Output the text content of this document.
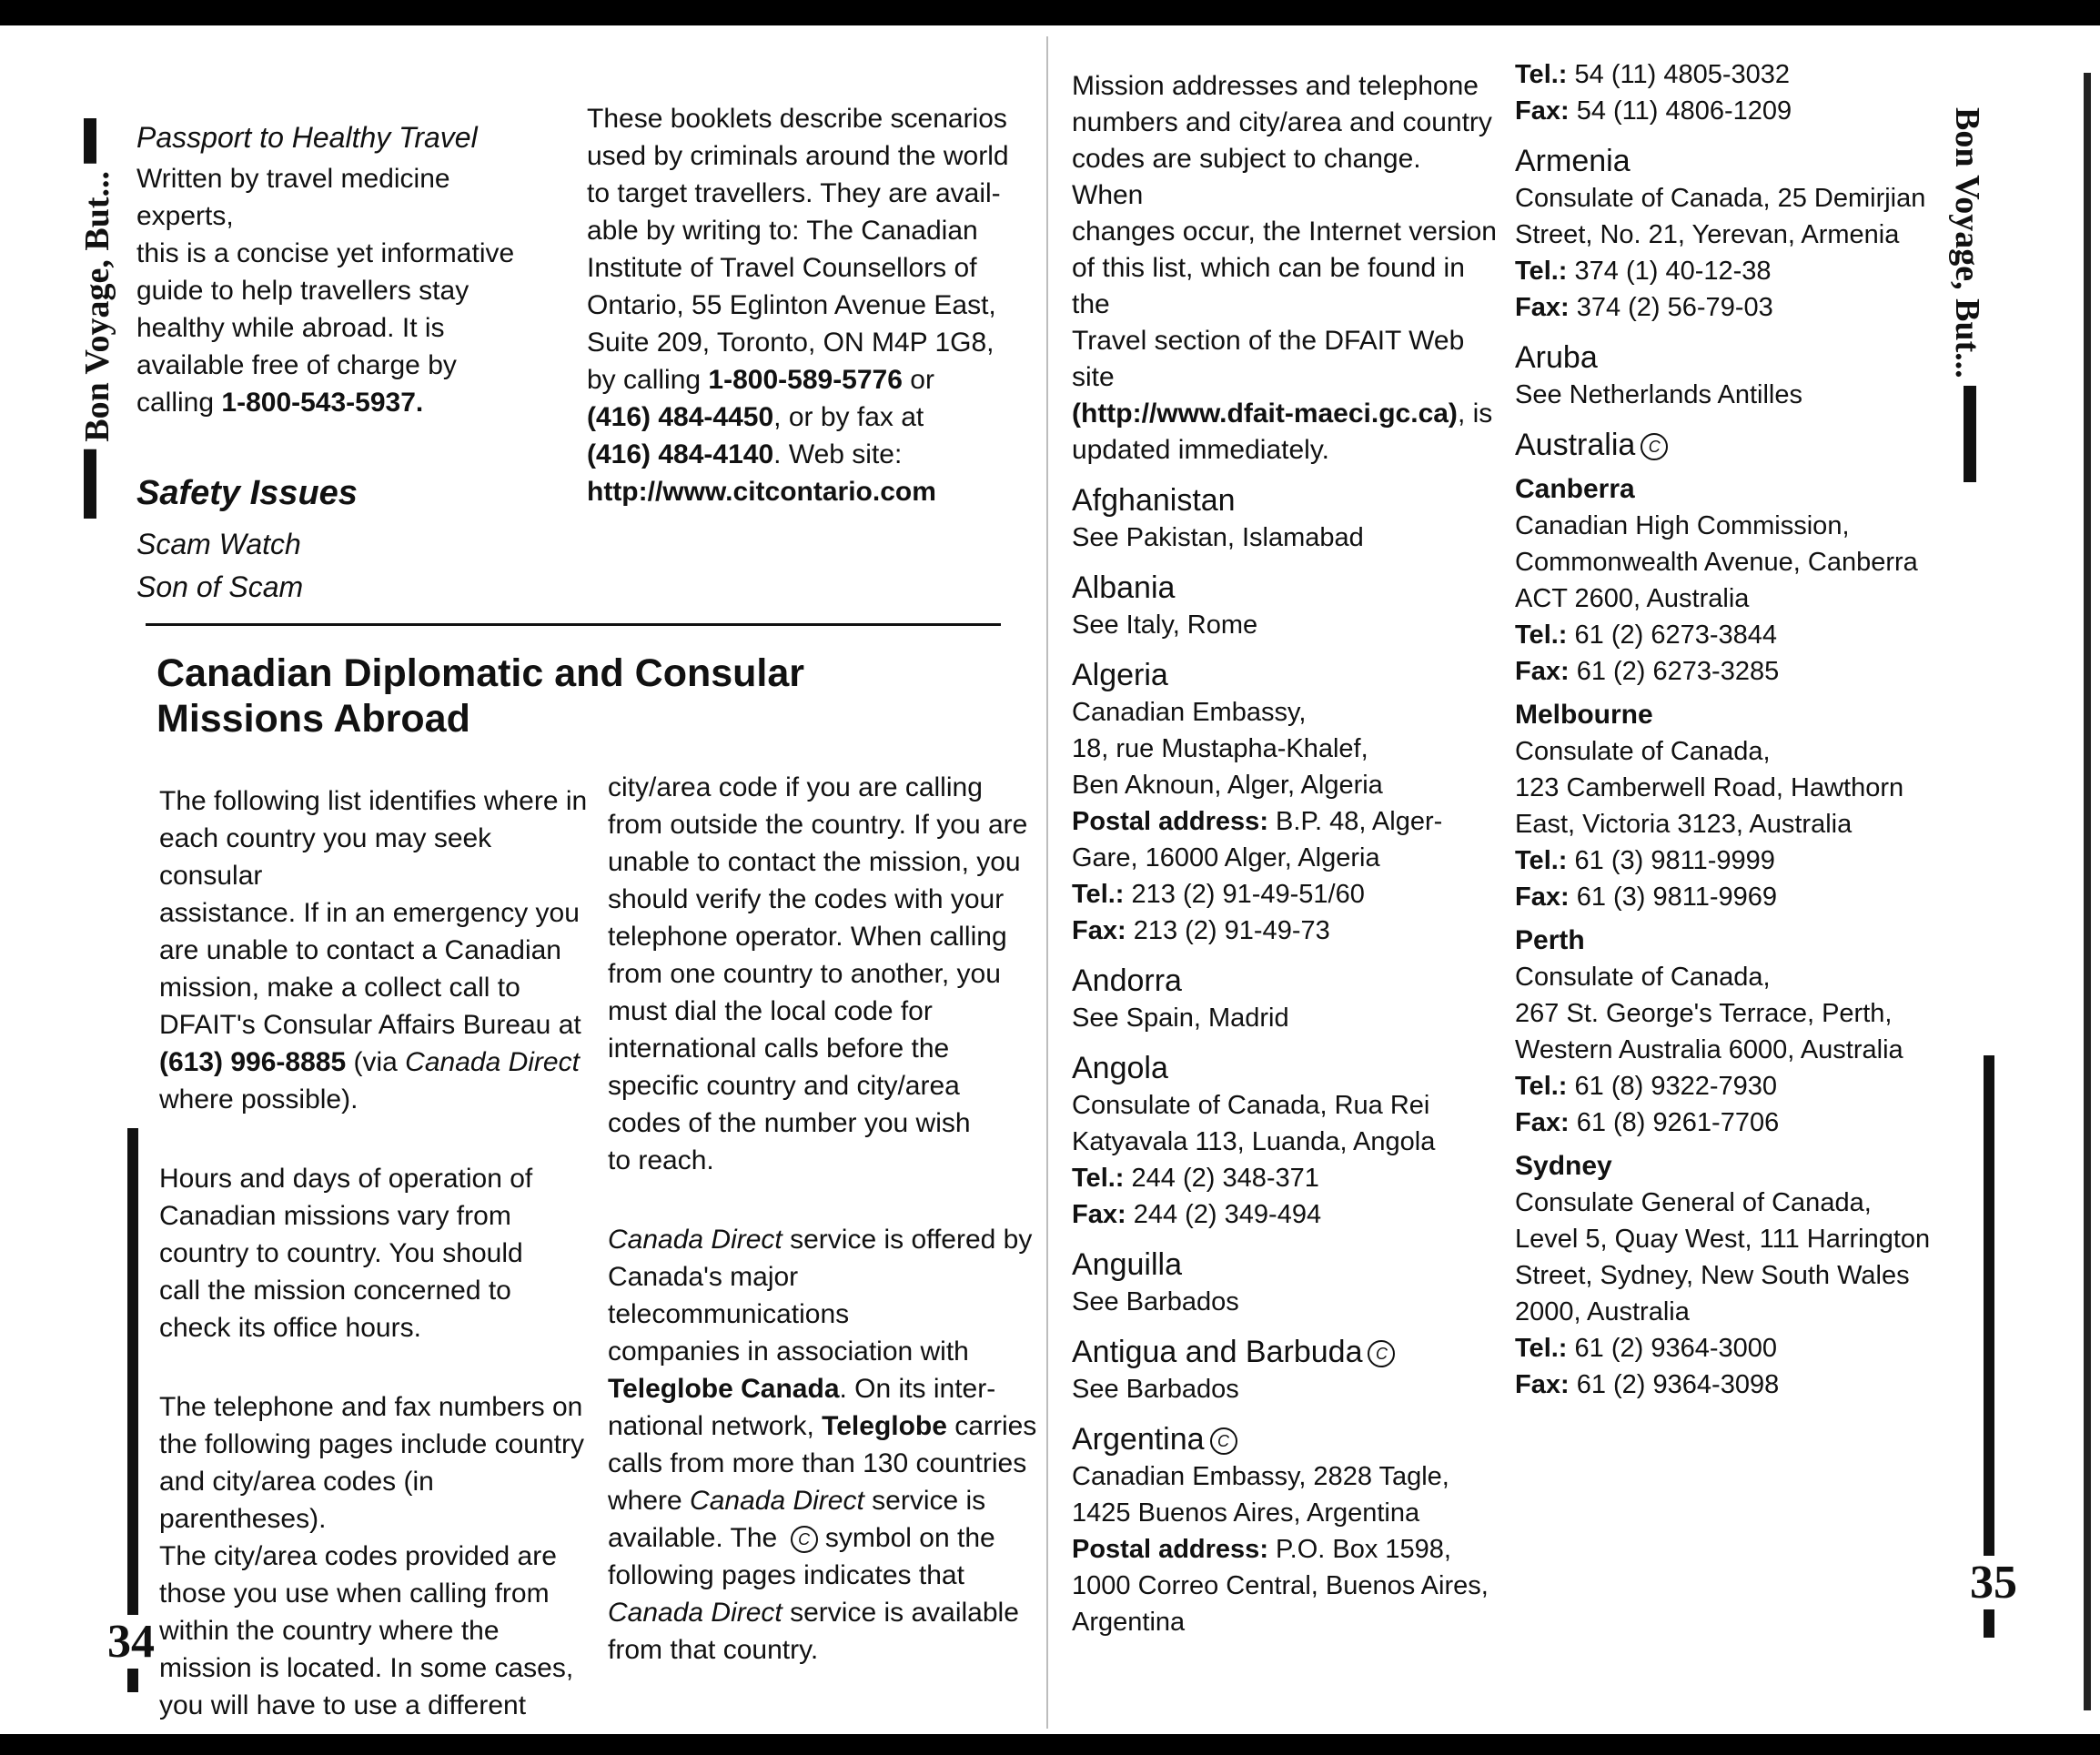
Bon Voyage, But...
34
Bon Voyage, But...
35
Passport to Healthy Travel
Written by travel medicine experts,
this is a concise yet informative
guide to help travellers stay
healthy while abroad. It is
available free of charge by
calling 1-800-543-5937.
Safety Issues
Scam Watch
Son of Scam
These booklets describe scenarios
used by criminals around the world
to target travellers. They are avail-
able by writing to: The Canadian
Institute of Travel Counsellors of
Ontario, 55 Eglinton Avenue East,
Suite 209, Toronto, ON M4P 1G8,
by calling 1-800-589-5776 or
(416) 484-4450, or by fax at
(416) 484-4140. Web site:
http://www.citcontario.com
Canadian Diplomatic and Consular
Missions Abroad
The following list identifies where in
each country you may seek consular
assistance. If in an emergency you
are unable to contact a Canadian
mission, make a collect call to
DFAIT's Consular Affairs Bureau at
(613) 996-8885 (via Canada Direct
where possible).
Hours and days of operation of
Canadian missions vary from
country to country. You should
call the mission concerned to
check its office hours.
The telephone and fax numbers on
the following pages include country
and city/area codes (in parentheses).
The city/area codes provided are
those you use when calling from
within the country where the
mission is located. In some cases,
you will have to use a different
city/area code if you are calling
from outside the country. If you are
unable to contact the mission, you
should verify the codes with your
telephone operator. When calling
from one country to another, you
must dial the local code for
international calls before the
specific country and city/area
codes of the number you wish
to reach.
Canada Direct service is offered by
Canada's major telecommunications
companies in association with
Teleglobe Canada. On its inter-
national network, Teleglobe carries
calls from more than 130 countries
where Canada Direct service is
available. The C symbol on the
following pages indicates that
Canada Direct service is available
from that country.
Mission addresses and telephone
numbers and city/area and country
codes are subject to change. When
changes occur, the Internet version
of this list, which can be found in the
Travel section of the DFAIT Web site
(http://www.dfait-maeci.gc.ca), is
updated immediately.
Afghanistan
See Pakistan, Islamabad
Albania
See Italy, Rome
Algeria
Canadian Embassy,
18, rue Mustapha-Khalef,
Ben Aknoun, Alger, Algeria
Postal address: B.P. 48, Alger-
Gare, 16000 Alger, Algeria
Tel.: 213 (2) 91-49-51/60
Fax: 213 (2) 91-49-73
Andorra
See Spain, Madrid
Angola
Consulate of Canada, Rua Rei
Katyavala 113, Luanda, Angola
Tel.: 244 (2) 348-371
Fax: 244 (2) 349-494
Anguilla
See Barbados
Antigua and Barbuda C
See Barbados
Argentina C
Canadian Embassy, 2828 Tagle,
1425 Buenos Aires, Argentina
Postal address: P.O. Box 1598,
1000 Correo Central, Buenos Aires,
Argentina
Tel.: 54 (11) 4805-3032
Fax: 54 (11) 4806-1209
Armenia
Consulate of Canada, 25 Demirjian
Street, No. 21, Yerevan, Armenia
Tel.: 374 (1) 40-12-38
Fax: 374 (2) 56-79-03
Aruba
See Netherlands Antilles
Australia C
Canberra
Canadian High Commission,
Commonwealth Avenue, Canberra
ACT 2600, Australia
Tel.: 61 (2) 6273-3844
Fax: 61 (2) 6273-3285
Melbourne
Consulate of Canada,
123 Camberwell Road, Hawthorn
East, Victoria 3123, Australia
Tel.: 61 (3) 9811-9999
Fax: 61 (3) 9811-9969
Perth
Consulate of Canada,
267 St. George's Terrace, Perth,
Western Australia 6000, Australia
Tel.: 61 (8) 9322-7930
Fax: 61 (8) 9261-7706
Sydney
Consulate General of Canada,
Level 5, Quay West, 111 Harrington
Street, Sydney, New South Wales
2000, Australia
Tel.: 61 (2) 9364-3000
Fax: 61 (2) 9364-3098
